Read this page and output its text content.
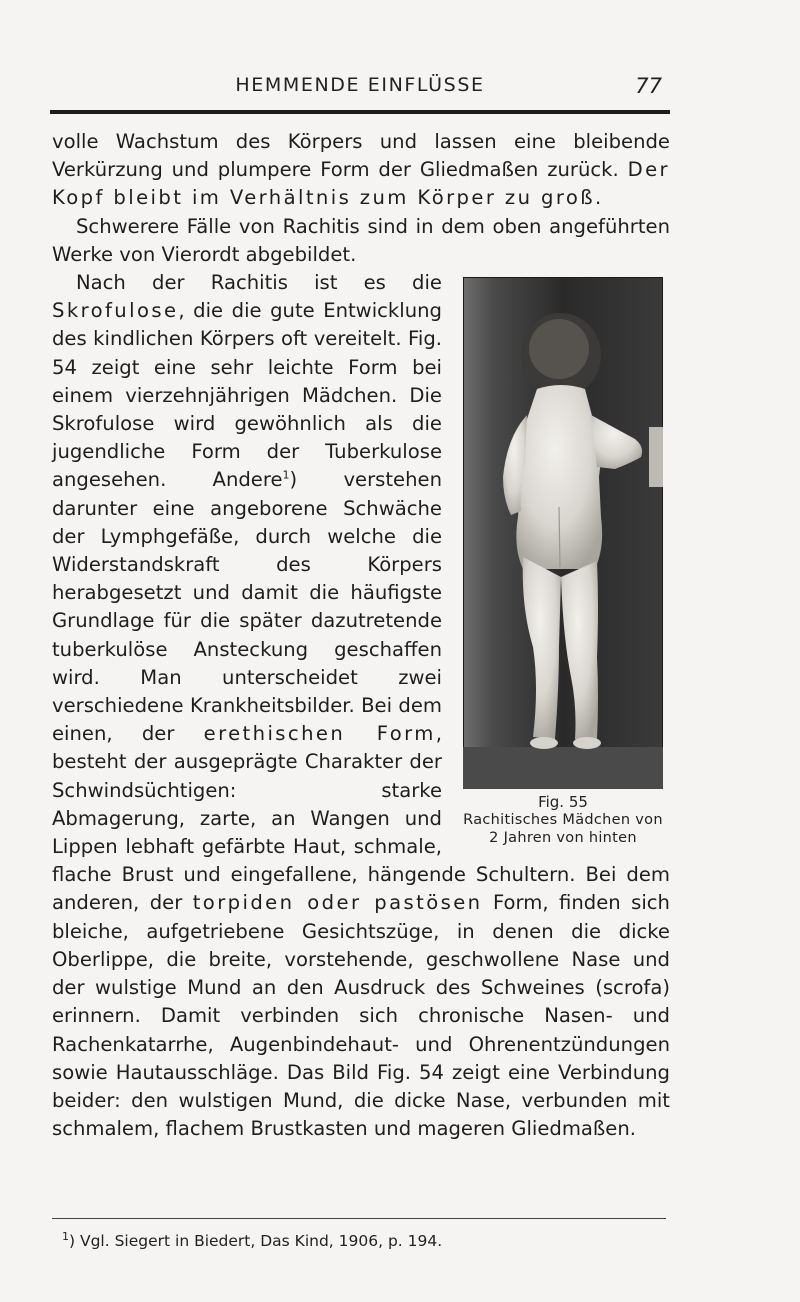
HEMMENDE EINFLÜSSE	77

volle Wachstum des Körpers und lassen eine bleibende Verkürzung und plumpere Form der Gliedmaßen zurück. Der Kopf bleibt im Verhältnis zum Körper zu groß.

Schwerere Fälle von Rachitis sind in dem oben angeführten Werke von Vierordt abgebildet.

Fig. 55
Rachitisches Mädchen von 2 Jahren von hinten

Nach der Rachitis ist es die Skrofulose, die die gute Entwicklung des kindlichen Körpers oft vereitelt. Fig. 54 zeigt eine sehr leichte Form bei einem vierzehnjährigen Mädchen. Die Skrofulose wird gewöhnlich als die jugendliche Form der Tuberkulose angesehen. Andere$^1$) verstehen darunter eine angeborene Schwäche der Lymphgefäße, durch welche die Widerstandskraft des Körpers herabgesetzt und damit die häufigste Grundlage für die später dazutretende tuberkulöse Ansteckung geschaffen wird. Man unterscheidet zwei verschiedene Krankheitsbilder. Bei dem einen, der erethischen Form, besteht der ausgeprägte Charakter der Schwindsüchtigen: starke Abmagerung, zarte, an Wangen und Lippen lebhaft gefärbte Haut, schmale, flache Brust und eingefallene, hängende Schultern. Bei dem anderen, der torpiden oder pastösen Form, finden sich bleiche, aufgetriebene Gesichtszüge, in denen die dicke Oberlippe, die breite, vorstehende, geschwollene Nase und der wulstige Mund an den Ausdruck des Schweines (scrofa) erinnern. Damit verbinden sich chronische Nasen- und Rachenkatarrhe, Augenbindehaut- und Ohrenentzündungen sowie Hautausschläge. Das Bild Fig. 54 zeigt eine Verbindung beider: den wulstigen Mund, die dicke Nase, verbunden mit schmalem, flachem Brustkasten und mageren Gliedmaßen.

$^1$) Vgl. Siegert in Biedert, Das Kind, 1906, p. 194.
